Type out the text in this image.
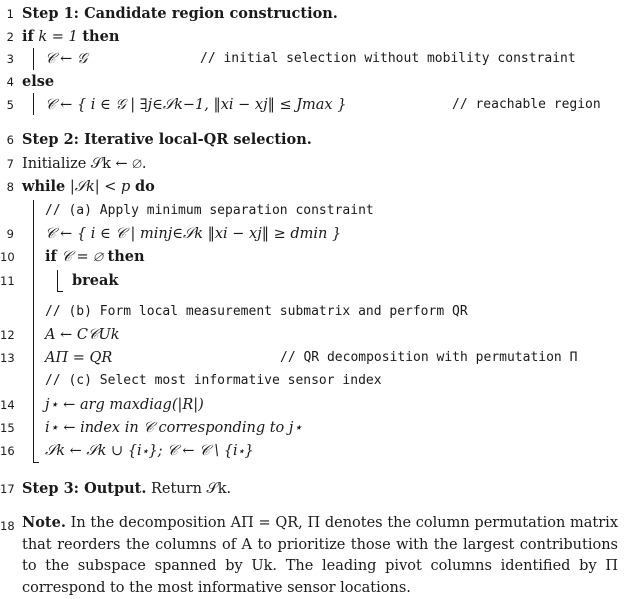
1 Step 1: Candidate region construction.
2 if k = 1 then
3 𝒞 ← 𝒢	// initial selection without mobility constraint
4 else
5 𝒞 ← { i ∈ 𝒢 | ∃j∈𝒮k−1, ‖xi − xj‖ ≤ Jmax }	// reachable region
6 Step 2: Iterative local-QR selection.
7 Initialize 𝒮k ← ∅.
8 while |𝒮k| < p do
// (a) Apply minimum separation constraint
9 𝒞 ← { i ∈ 𝒞 | minj∈𝒮k ‖xi − xj‖ ≥ dmin }
10 if 𝒞 = ∅ then
11	break
// (b) Form local measurement submatrix and perform QR
12 A ← C𝒞Uk
13 AΠ = QR	// QR decomposition with permutation Π
// (c) Select most informative sensor index
14 j⋆ ← arg maxdiag(|R|)
15 i⋆ ← index in 𝒞 corresponding to j⋆
16 𝒮k ← 𝒮k ∪ {i⋆}; 𝒞 ← 𝒞 \ {i⋆}
17 Step 3: Output. Return 𝒮k.
18 Note. In the decomposition AΠ = QR, Π denotes the column permutation matrix that reorders the columns of A to prioritize those with the largest contributions to the subspace spanned by Uk. The leading pivot columns identified by Π correspond to the most informative sensor locations.
